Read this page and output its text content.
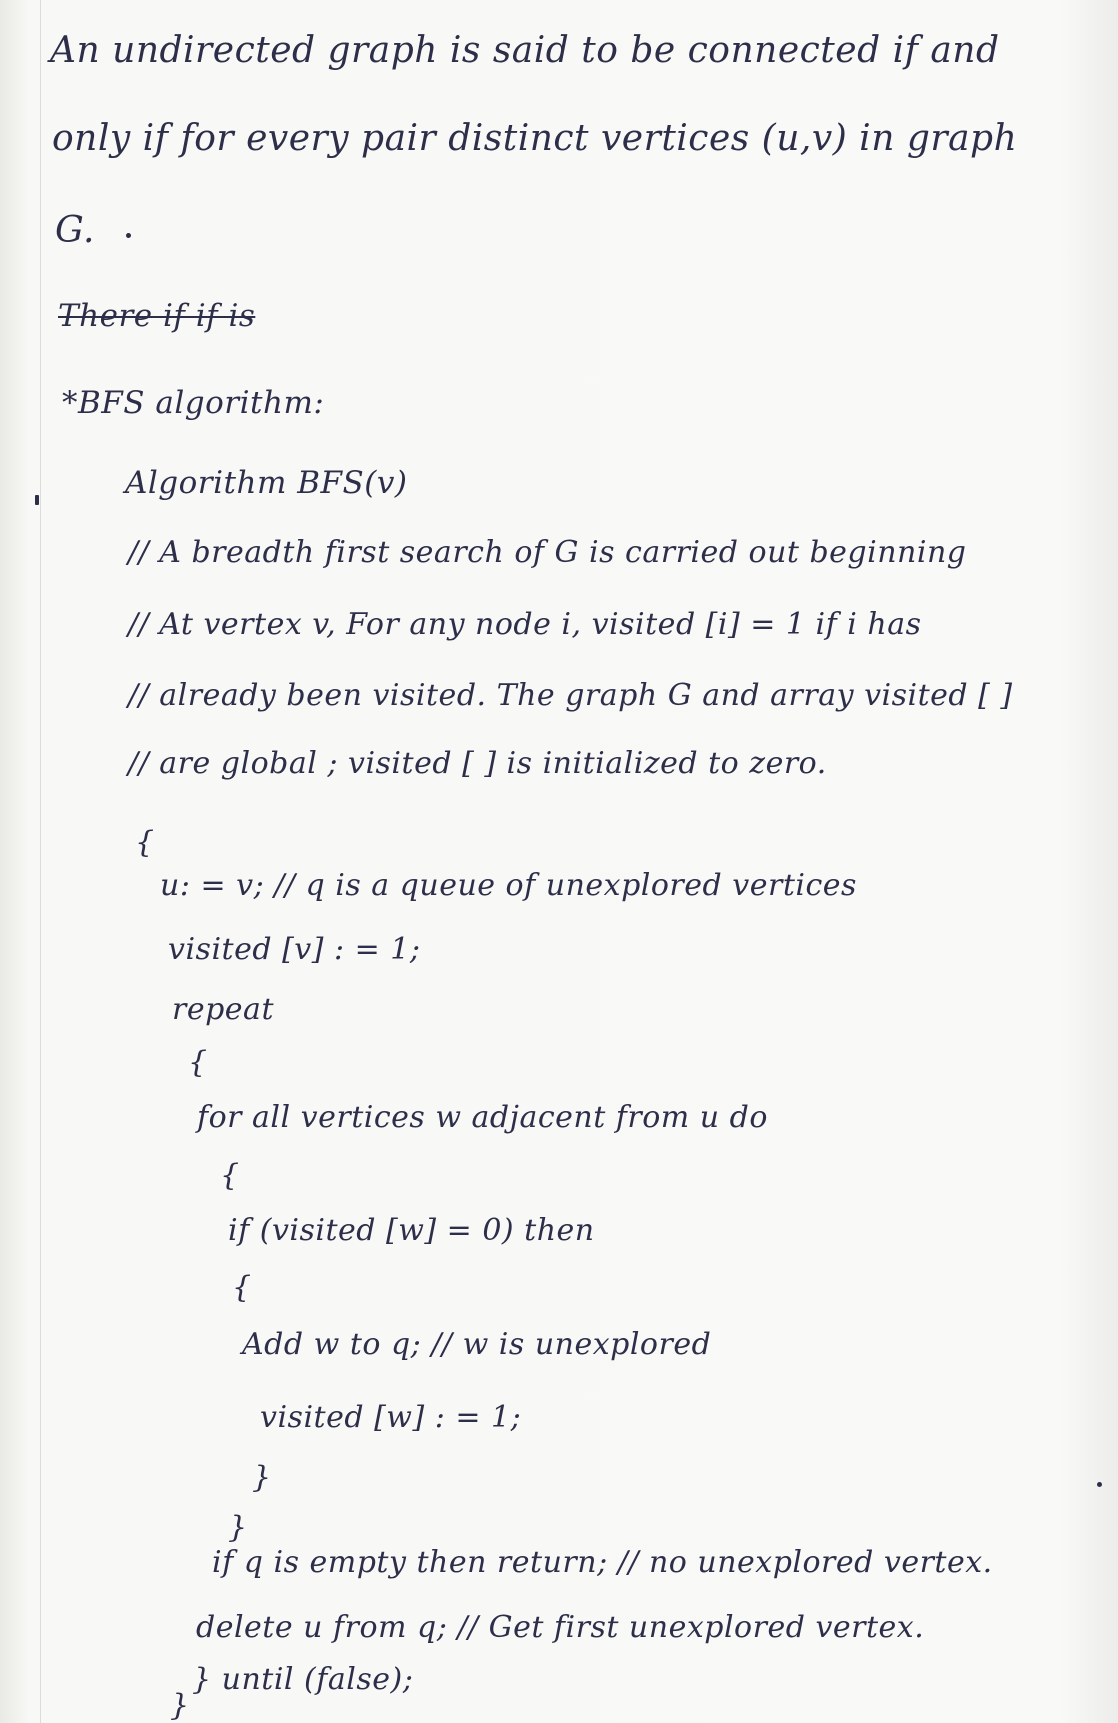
An undirected graph is said to be connected if and
only if for every pair distinct vertices (u,v) in graph
G.
There if if is
*BFS algorithm:
Algorithm BFS(v)
// A breadth first search of G is carried out beginning
// At vertex v, For any node i, visited [i] = 1 if i has
// already been visited. The graph G and array visited [ ]
// are global ; visited [ ] is initialized to zero.
{
u: = v; // q is a queue of unexplored vertices
visited [v] : = 1;
repeat
{
for all vertices w adjacent from u do
{
if (visited [w] = 0) then
{
Add w to q; // w is unexplored
visited [w] : = 1;
}
}
if q is empty then return; // no unexplored vertex.
delete u from q; // Get first unexplored vertex.
} until (false);
}
